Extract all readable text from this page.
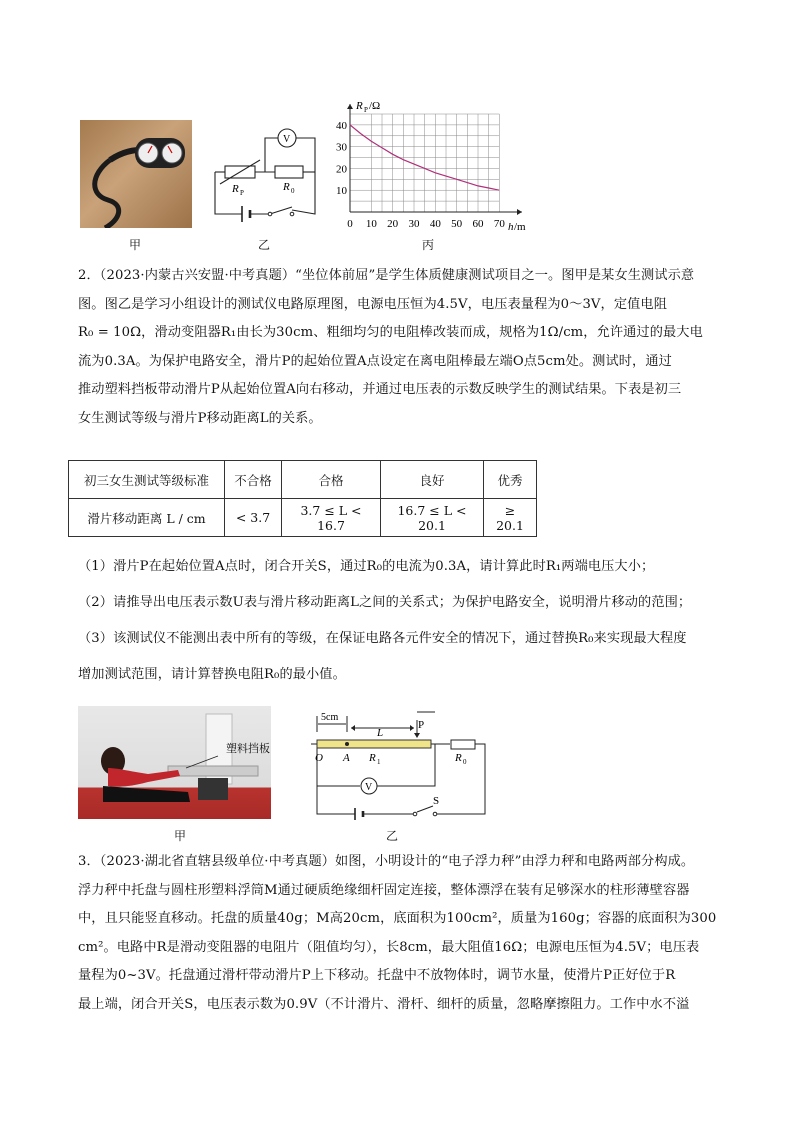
甲
V
R P	R 0
乙
0 10 20 30 40 50 60 70
10
20
30
40
R P /Ω
h /m
丙

2．（2023·内蒙古兴安盟·中考真题）“坐位体前屈”是学生体质健康测试项目之一。图甲是某女生测试示意

图。图乙是学习小组设计的测试仪电路原理图，电源电压恒为4.5V，电压表量程为0～3V，定值电阻

R₀ = 10Ω，滑动变阻器R₁由长为30cm、粗细均匀的电阻棒改装而成，规格为1Ω/cm，允许通过的最大电

流为0.3A。为保护电路安全，滑片P的起始位置A点设定在离电阻棒最左端O点5cm处。测试时，通过

推动塑料挡板带动滑片P从起始位置A向右移动，并通过电压表的示数反映学生的测试结果。下表是初三

女生测试等级与滑片P移动距离L的关系。

初三女生测试等级标准	不合格	合格	良好	优秀
滑片移动距离 L / cm	< 3.7	3.7 ≤ L < 16.7	16.7 ≤ L < 20.1	≥ 20.1

（1）滑片P在起始位置A点时，闭合开关S，通过R₀的电流为0.3A，请计算此时R₁两端电压大小；

（2）请推导出电压表示数U表与滑片移动距离L之间的关系式；为保护电路安全，说明滑片移动的范围；

（3）该测试仪不能测出表中所有的等级，在保证电路各元件安全的情况下，通过替换R₀来实现最大程度

增加测试范围，请计算替换电阻R₀的最小值。

塑料挡板
甲
5cm
L
P
O A R 1	R 0
V
S
乙

3．（2023·湖北省直辖县级单位·中考真题）如图，小明设计的“电子浮力秤”由浮力秤和电路两部分构成。

浮力秤中托盘与圆柱形塑料浮筒M通过硬质绝缘细杆固定连接，整体漂浮在装有足够深水的柱形薄壁容器

中，且只能竖直移动。托盘的质量40g；M高20cm，底面积为100cm²，质量为160g；容器的底面积为300

cm²。电路中R是滑动变阻器的电阻片（阻值均匀），长8cm，最大阻值16Ω；电源电压恒为4.5V；电压表

量程为0~3V。托盘通过滑杆带动滑片P上下移动。托盘中不放物体时，调节水量，使滑片P正好位于R

最上端，闭合开关S，电压表示数为0.9V（不计滑片、滑杆、细杆的质量，忽略摩擦阻力。工作中水不溢
